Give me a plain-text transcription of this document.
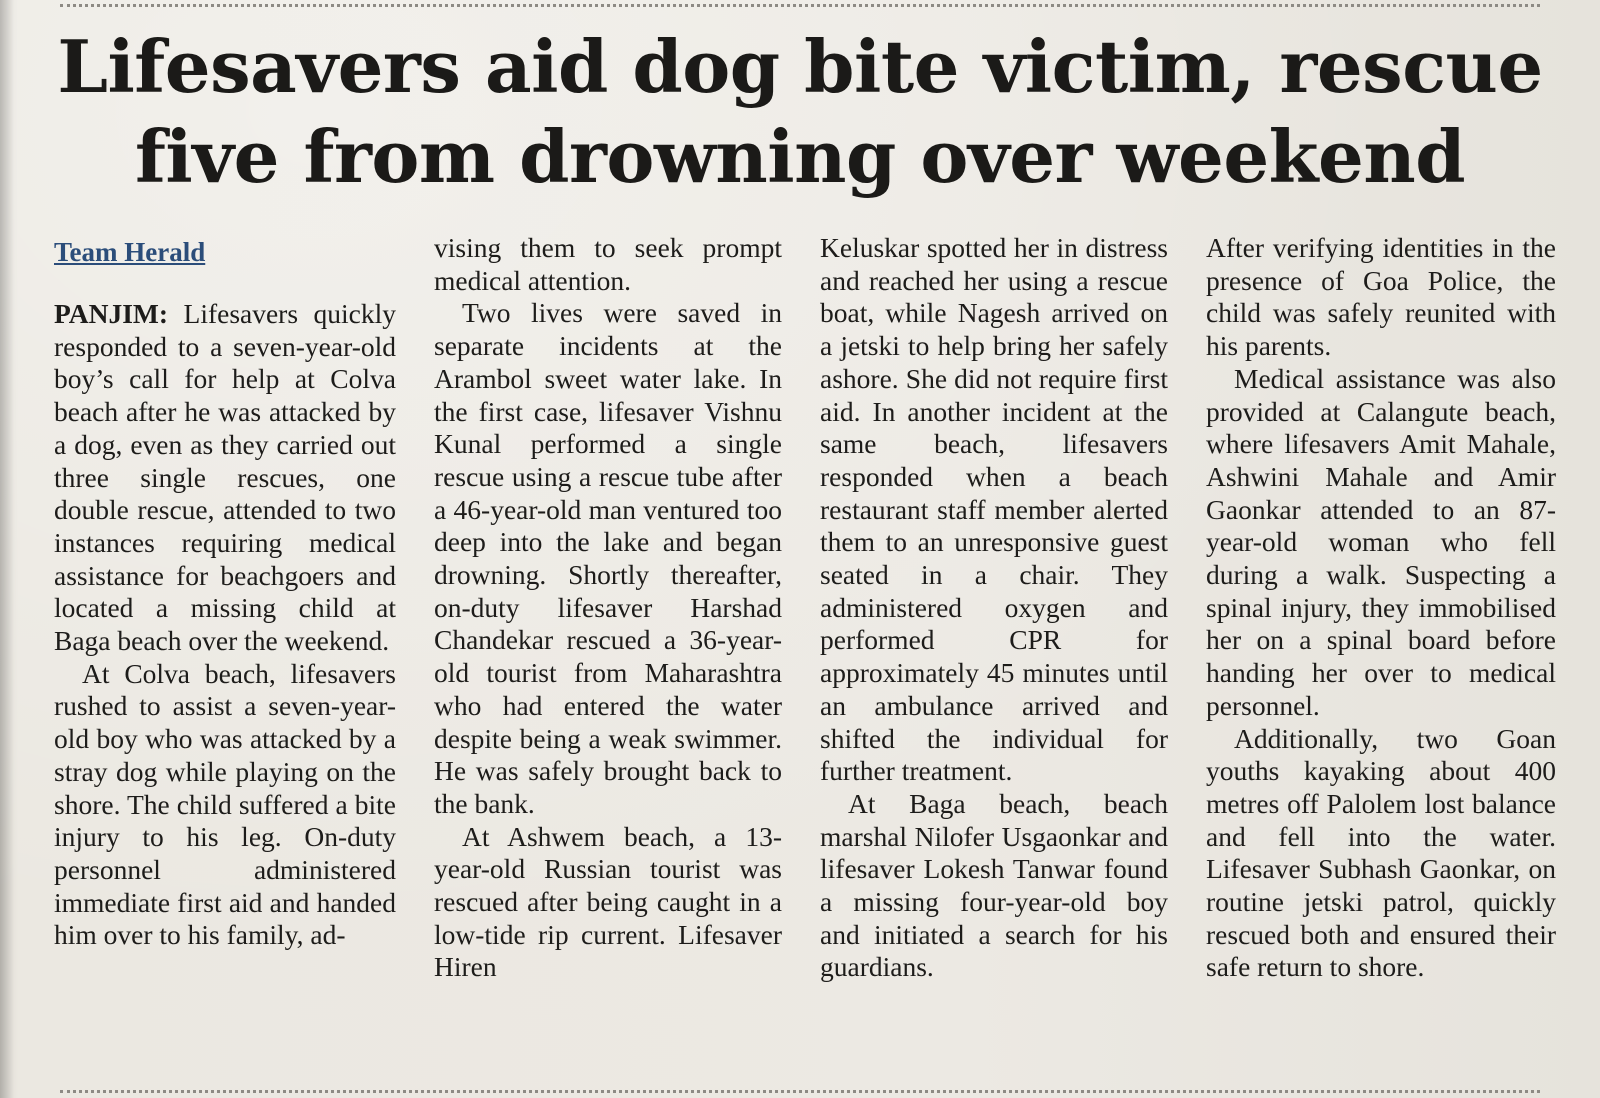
Lifesavers aid dog bite victim, rescue five from drowning over weekend
Team Herald

PANJIM: Lifesavers quickly responded to a seven-year-old boy’s call for help at Colva beach after he was attacked by a dog, even as they carried out three single rescues, one double rescue, attended to two instances requiring medical assistance for beachgoers and located a missing child at Baga beach over the weekend.

At Colva beach, lifesavers rushed to assist a seven-year-old boy who was attacked by a stray dog while playing on the shore. The child suffered a bite injury to his leg. On-duty personnel administered immediate first aid and handed him over to his family, ad-

vising them to seek prompt medical attention.

Two lives were saved in separate incidents at the Arambol sweet water lake. In the first case, lifesaver Vishnu Kunal performed a single rescue using a rescue tube after a 46-year-old man ventured too deep into the lake and began drowning. Shortly thereafter, on-duty lifesaver Harshad Chandekar rescued a 36-year-old tourist from Maharashtra who had entered the water despite being a weak swimmer. He was safely brought back to the bank.

At Ashwem beach, a 13-year-old Russian tourist was rescued after being caught in a low-tide rip current. Lifesaver Hiren

Keluskar spotted her in distress and reached her using a rescue boat, while Nagesh arrived on a jetski to help bring her safely ashore. She did not require first aid. In another incident at the same beach, lifesavers responded when a beach restaurant staff member alerted them to an unresponsive guest seated in a chair. They administered oxygen and performed CPR for approximately 45 minutes until an ambulance arrived and shifted the individual for further treatment.

At Baga beach, beach marshal Nilofer Usgaonkar and lifesaver Lokesh Tanwar found a missing four-year-old boy and initiated a search for his guardians.

After verifying identities in the presence of Goa Police, the child was safely reunited with his parents.

Medical assistance was also provided at Calangute beach, where lifesavers Amit Mahale, Ashwini Mahale and Amir Gaonkar attended to an 87-year-old woman who fell during a walk. Suspecting a spinal injury, they immobilised her on a spinal board before handing her over to medical personnel.

Additionally, two Goan youths kayaking about 400 metres off Palolem lost balance and fell into the water. Lifesaver Subhash Gaonkar, on routine jetski patrol, quickly rescued both and ensured their safe return to shore.
